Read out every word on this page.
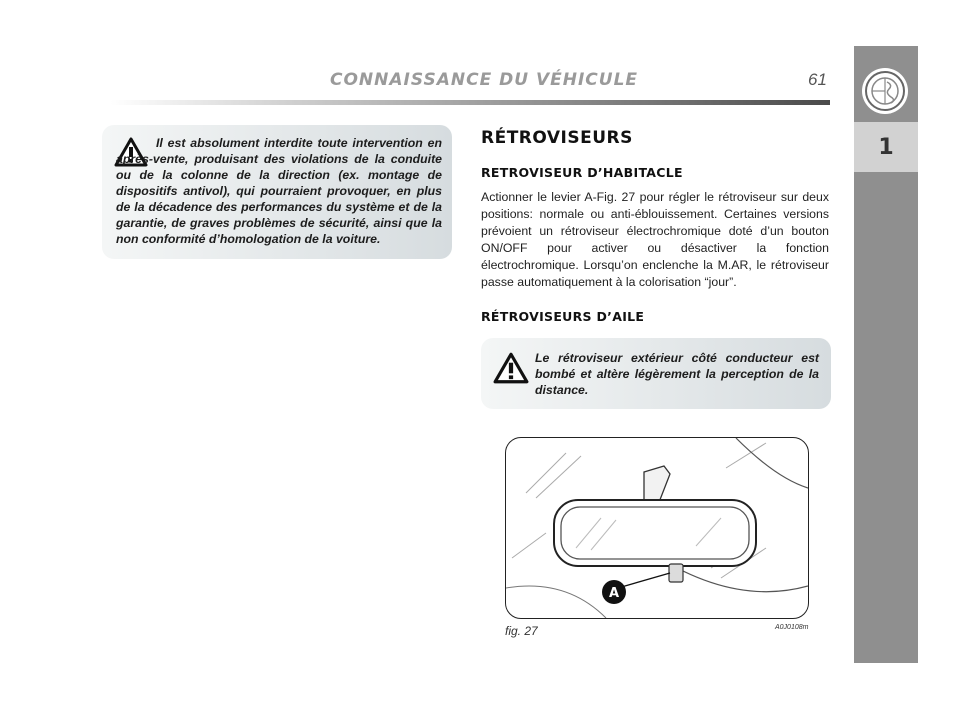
CONNAISSANCE DU VÉHICULE	61
1

Il est absolument interdite toute intervention en après-vente, produisant des violations de la conduite ou de la colonne de la direction (ex. montage de dispositifs antivol), qui pourraient provoquer, en plus de la décadence des performances du système et de la garantie, de graves problèmes de sécurité, ainsi que la non conformité d’homologation de la voiture.

Le rétroviseur extérieur côté conducteur est bombé et altère légèrement la perception de la distance.

RÉTROVISEURS
RETROVISEUR D’HABITACLE

Actionner le levier A-Fig. 27 pour régler le rétroviseur sur deux positions: normale ou anti-éblouissement. Certaines versions prévoient un rétroviseur électrochromique doté d’un bouton ON/OFF pour activer ou désactiver la fonction électrochromique. Lorsqu’on enclenche la M.AR, le rétroviseur passe automatiquement à la colorisation “jour”.

RÉTROVISEURS D’AILE
A
fig. 27	A0J0108m
